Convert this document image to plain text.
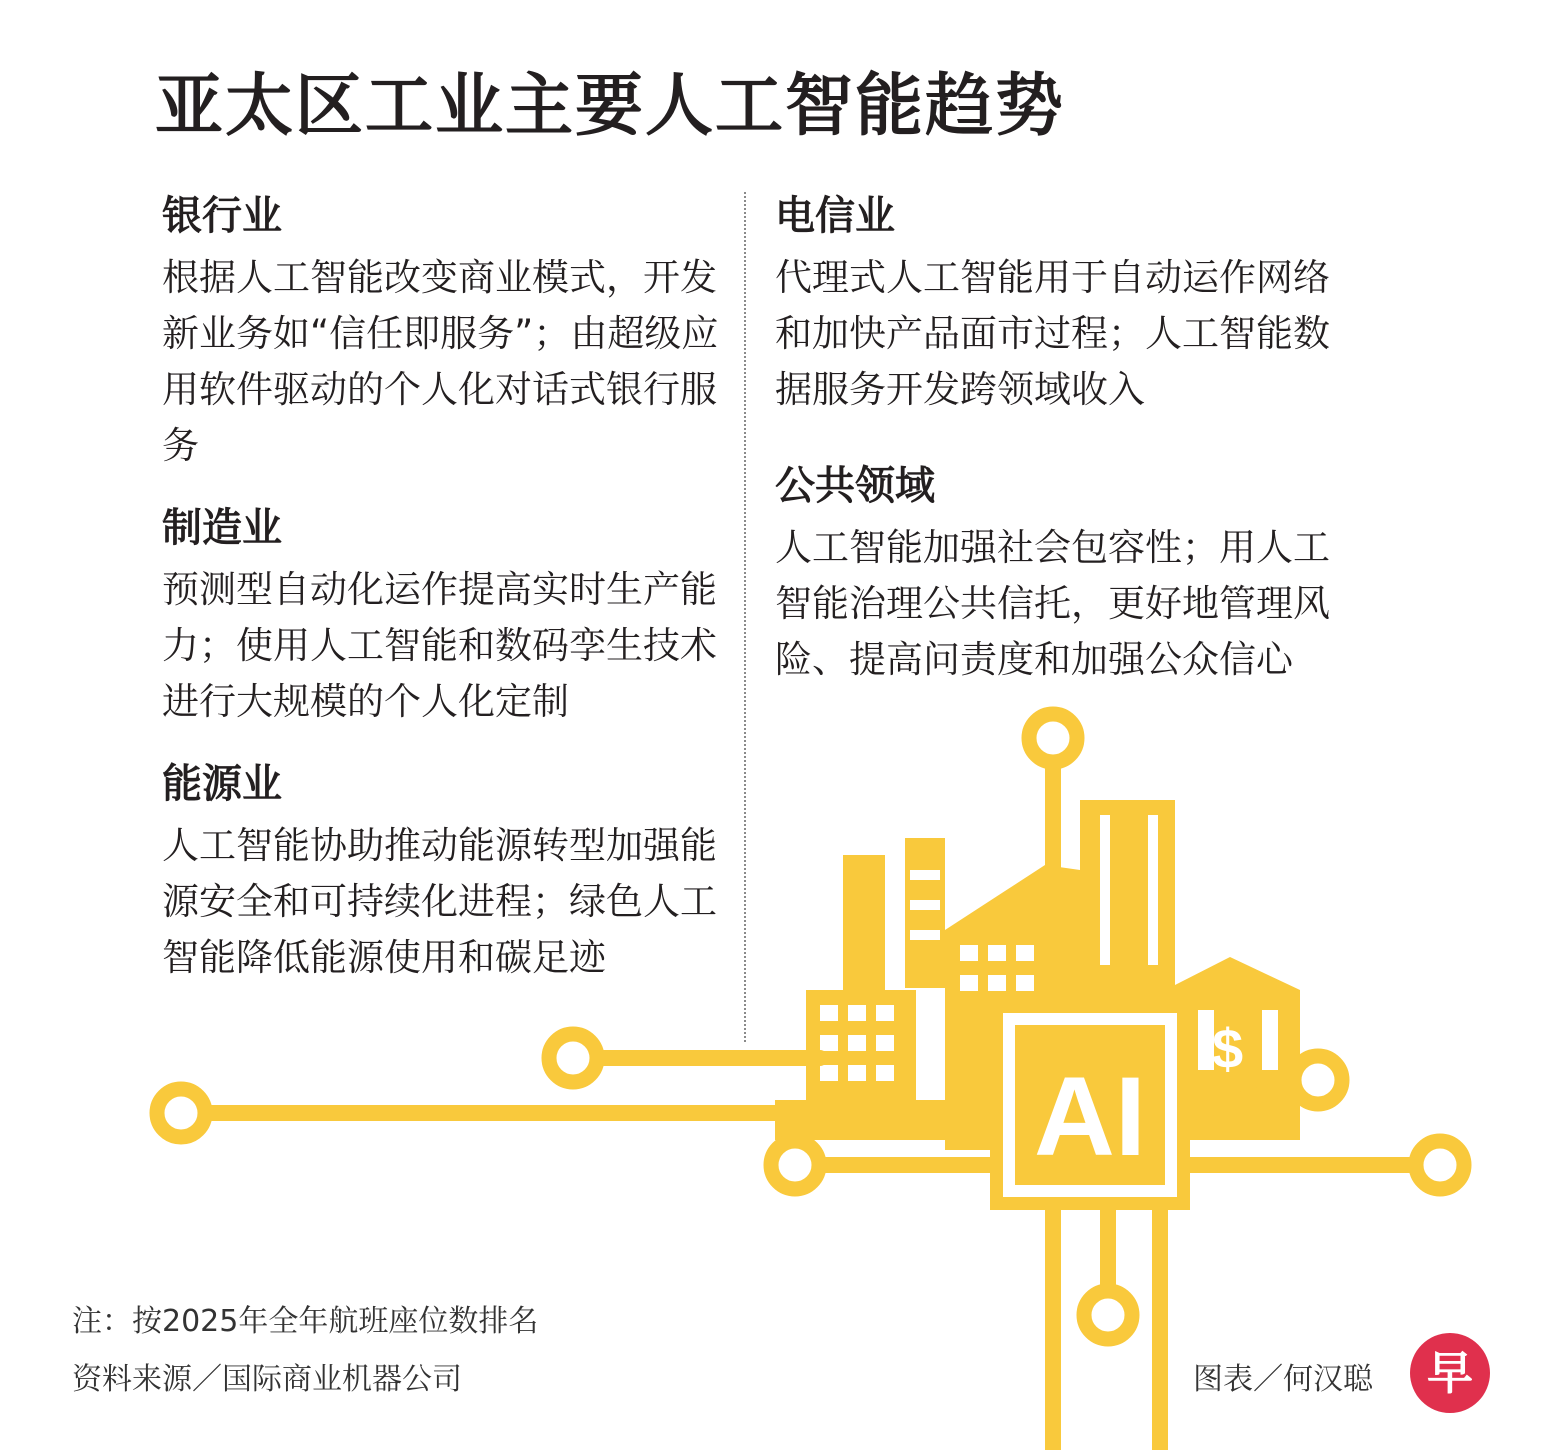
亚太区工业主要人工智能趋势
$
AI
银行业

根据人工智能改变商业模式，开发新业务如“信任即服务”；由超级应用软件驱动的个人化对话式银行服务

制造业

预测型自动化运作提高实时生产能力；使用人工智能和数码孪生技术进行大规模的个人化定制

能源业

人工智能协助推动能源转型加强能源安全和可持续化进程；绿色人工智能降低能源使用和碳足迹

电信业

代理式人工智能用于自动运作网络和加快产品面市过程；人工智能数据服务开发跨领域收入

公共领域

人工智能加强社会包容性；用人工智能治理公共信托，更好地管理风险、提高问责度和加强公众信心

注：按2025年全年航班座位数排名
资料来源／国际商业机器公司	图表／何汉聪	早
